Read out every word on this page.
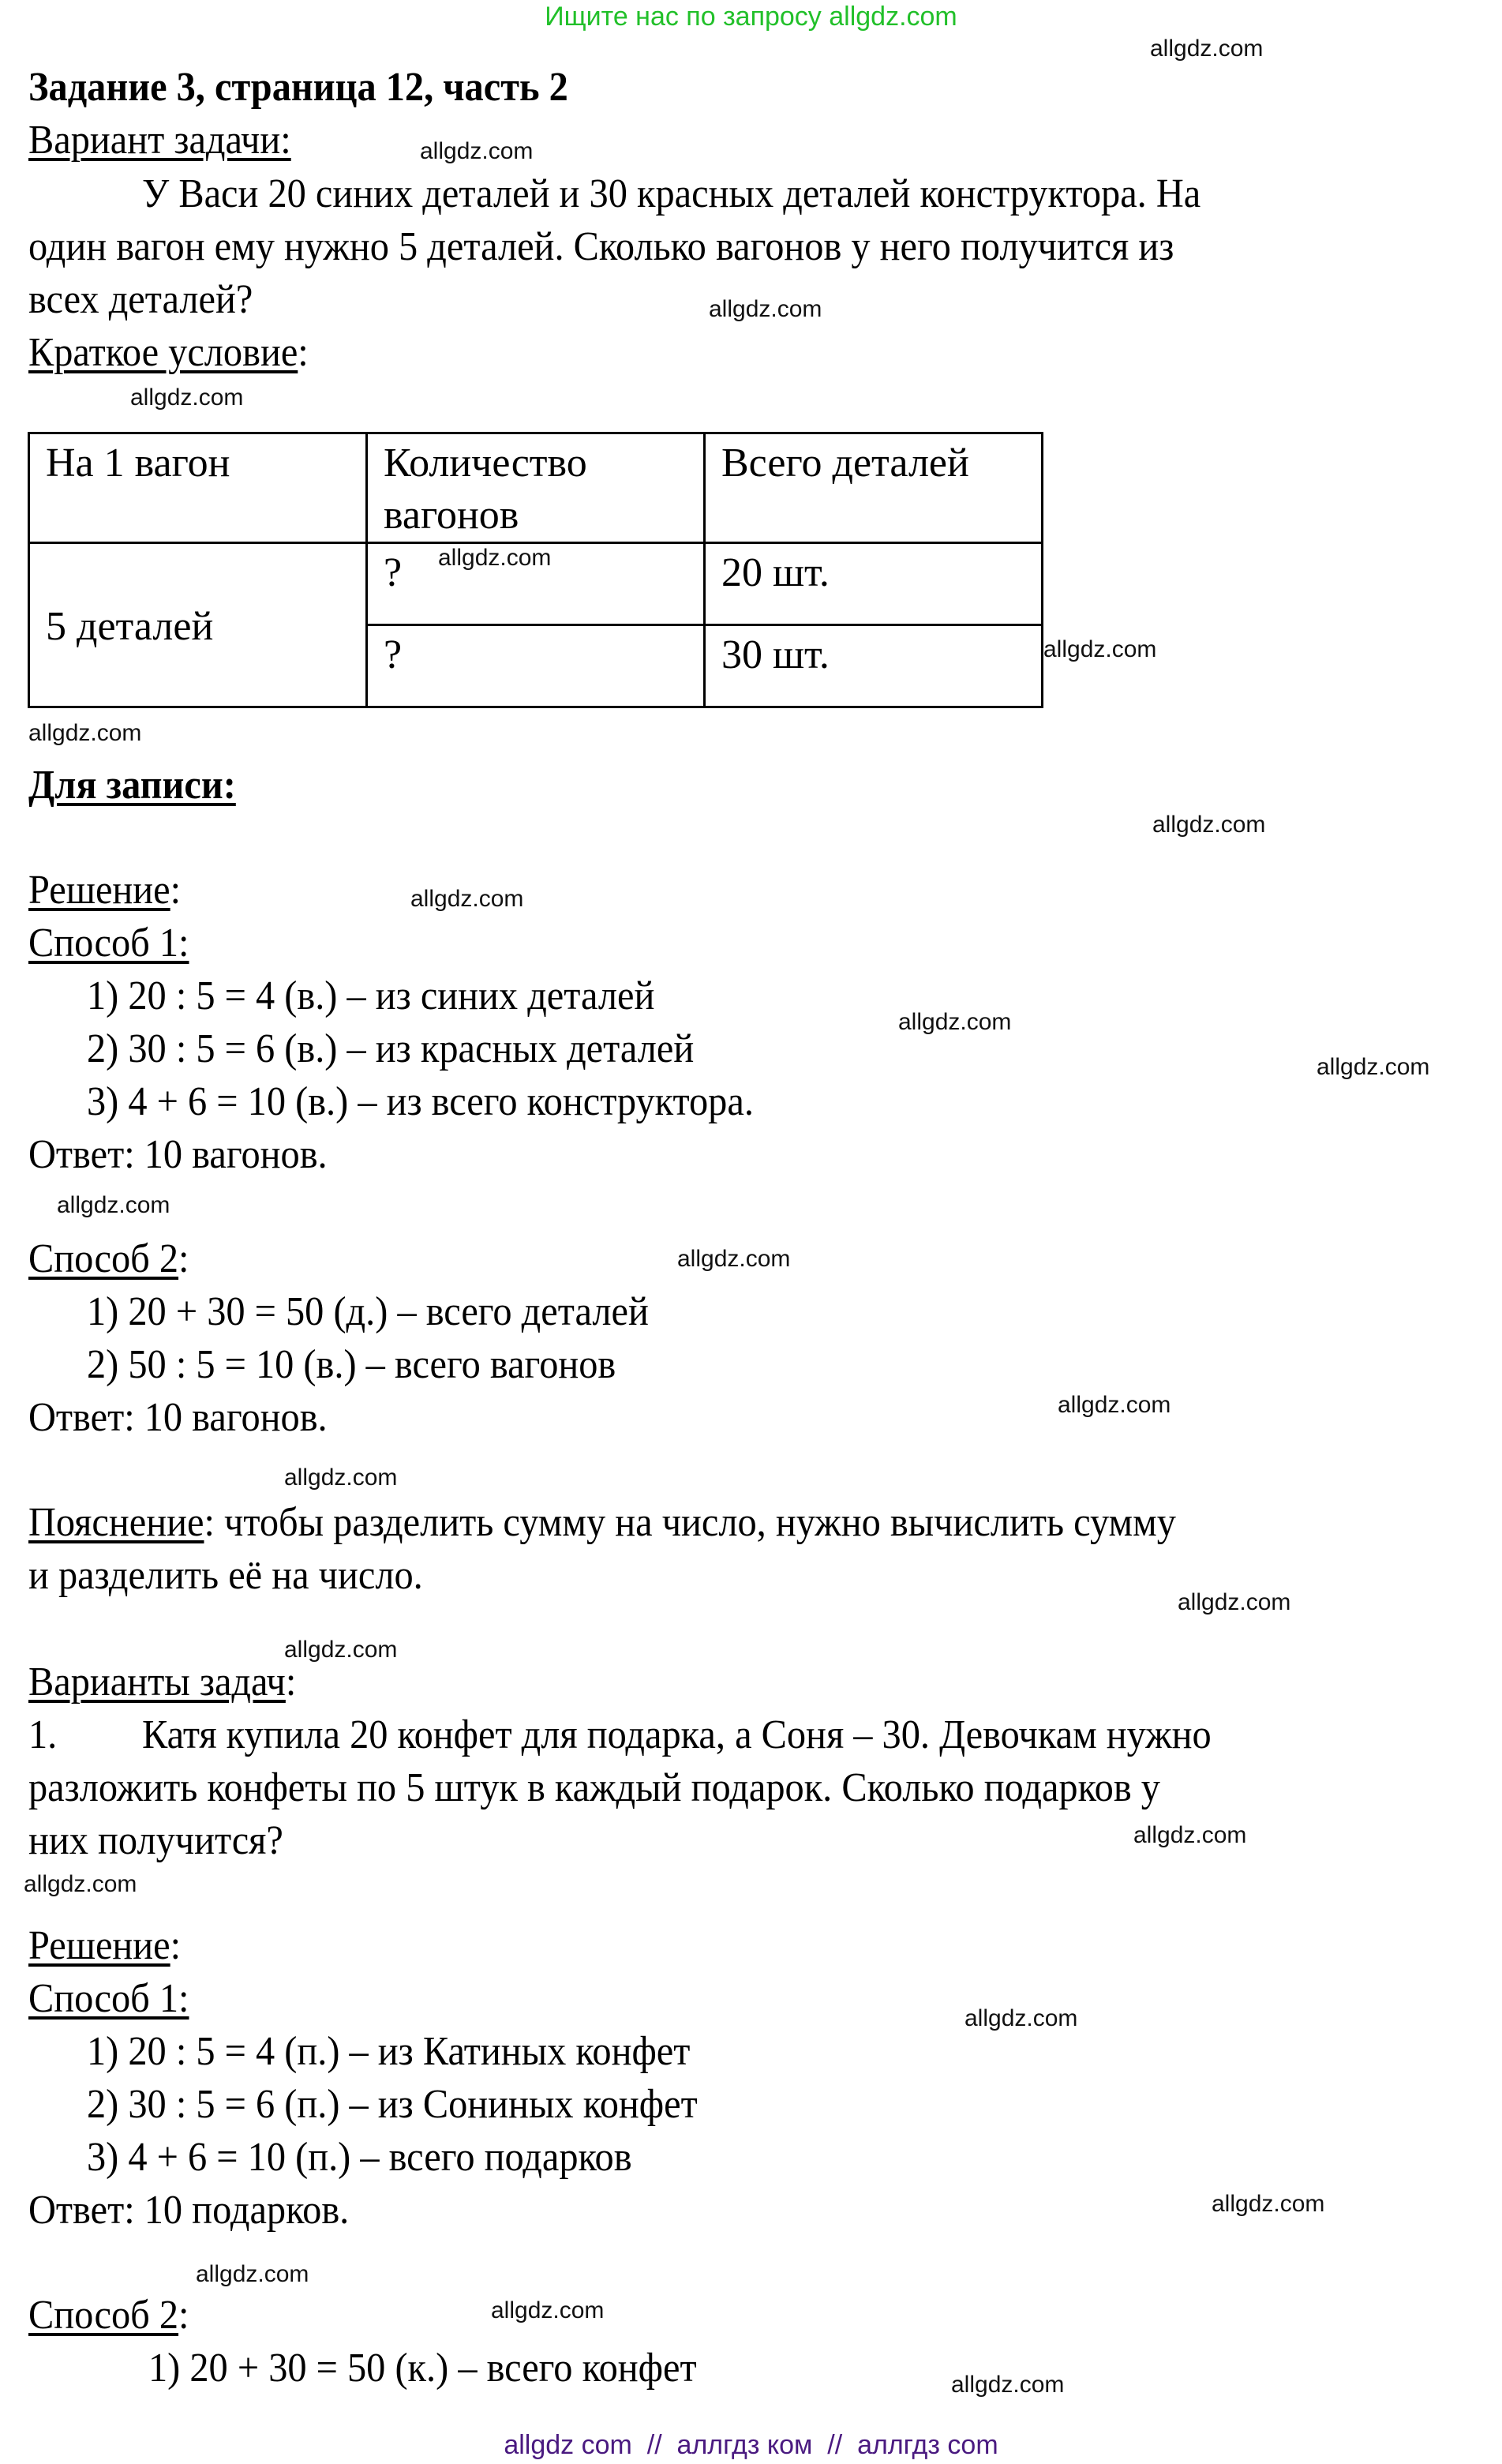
Ищите нас по запросу allgdz.com
allgdz.com
allgdz.com
allgdz.com
allgdz.com
allgdz.com
allgdz.com
allgdz.com
allgdz.com
allgdz.com
allgdz.com
allgdz.com
allgdz.com
allgdz.com
allgdz.com
allgdz.com
allgdz.com
allgdz.com
allgdz.com
allgdz.com
allgdz.com
allgdz.com
allgdz.com
allgdz.com
allgdz.com
Задание 3, страница 12, часть 2
Вариант задачи:
У Васи 20 синих деталей и 30 красных деталей конструктора. На
один вагон ему нужно 5 деталей. Сколько вагонов у него получится из
всех деталей?
Краткое условие:
На 1 вагон	Количество вагонов	Всего деталей
5 деталей	?	20 шт.
	?	30 шт.
Для записи:
Решение:
Способ 1:
1) 20 : 5 = 4 (в.) – из синих деталей
2) 30 : 5 = 6 (в.) – из красных деталей
3) 4 + 6 = 10 (в.) – из всего конструктора.
Ответ: 10 вагонов.
Способ 2:
1) 20 + 30 = 50 (д.) – всего деталей
2) 50 : 5 = 10 (в.) – всего вагонов
Ответ: 10 вагонов.
Пояснение: чтобы разделить сумму на число, нужно вычислить сумму
и разделить её на число.
Варианты задач:
1. Катя купила 20 конфет для подарка, а Соня – 30. Девочкам нужно
разложить конфеты по 5 штук в каждый подарок. Сколько подарков у
них получится?
Решение:
Способ 1:
1) 20 : 5 = 4 (п.) – из Катиных конфет
2) 30 : 5 = 6 (п.) – из Сониных конфет
3) 4 + 6 = 10 (п.) – всего подарков
Ответ: 10 подарков.
Способ 2:
1) 20 + 30 = 50 (к.) – всего конфет
allgdz com  //  аллгдз ком  //  аллгдз com
